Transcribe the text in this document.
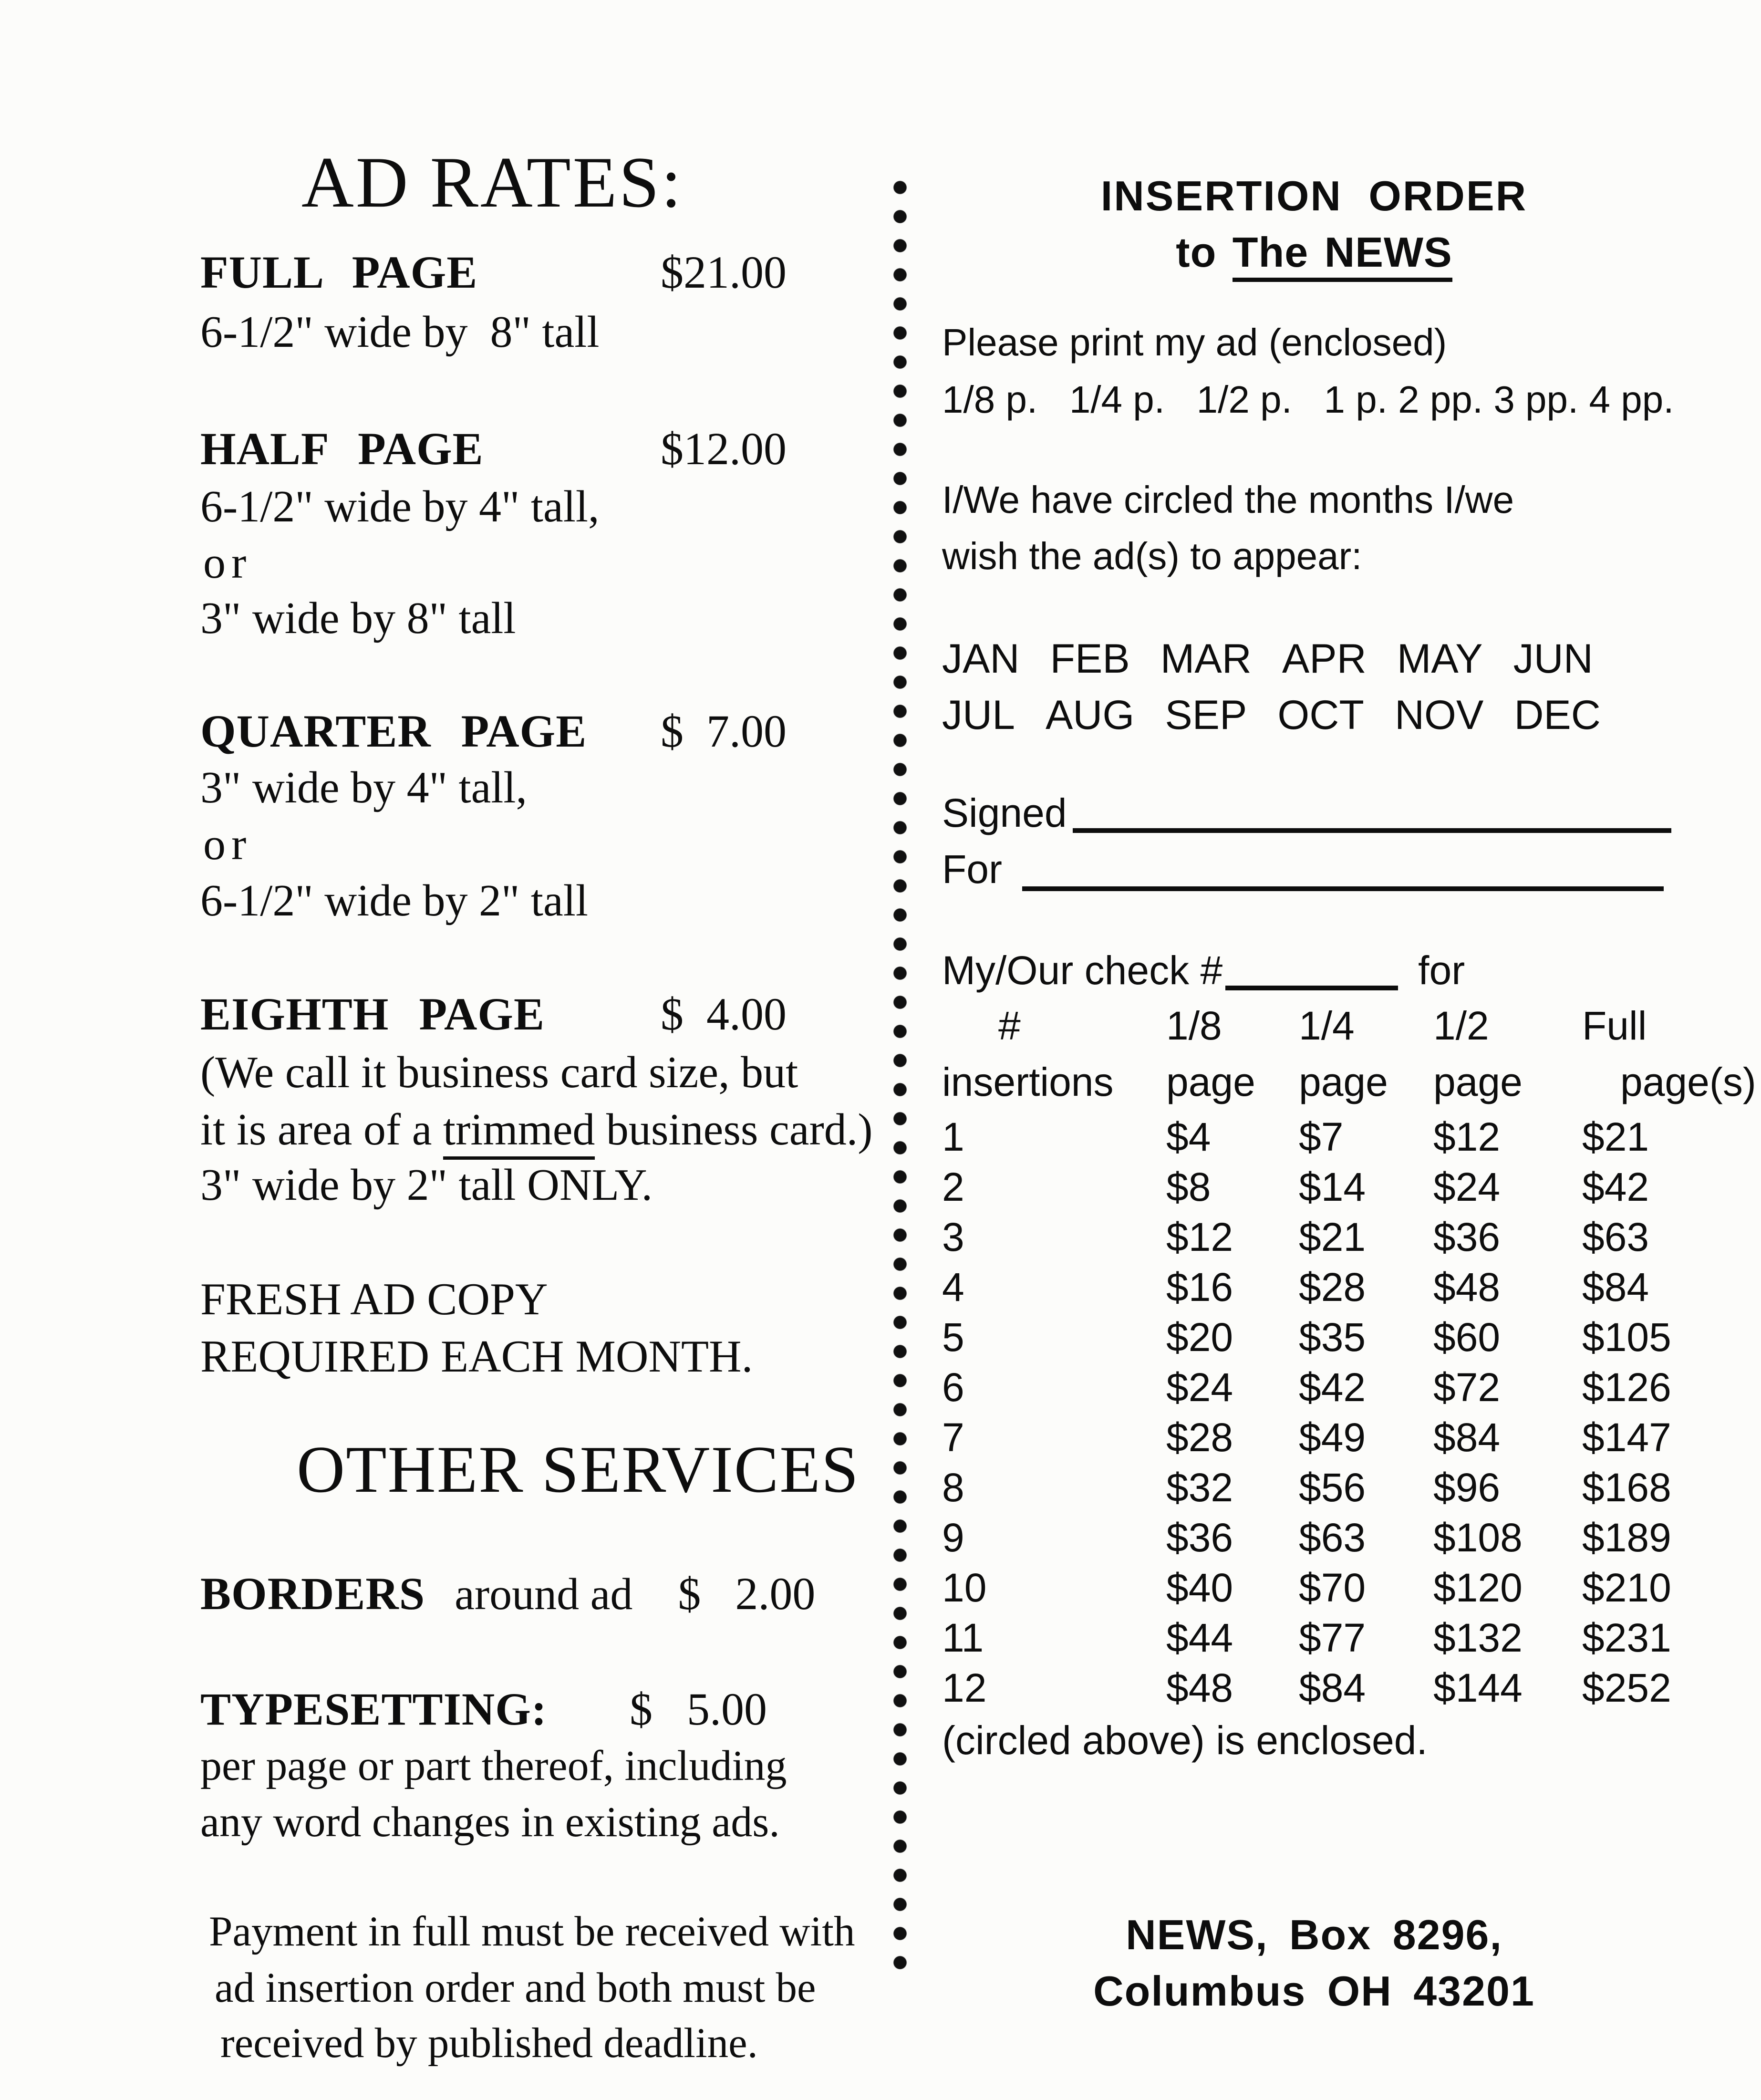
AD RATES:
FULL PAGE	$21.00
6-1/2" wide by  8" tall
HALF PAGE	$12.00
6-1/2" wide by 4" tall,
or
3" wide by 8" tall
QUARTER PAGE $  7.00
3" wide by 4" tall,
or
6-1/2" wide by 2" tall
EIGHTH PAGE	$  4.00
(We call it business card size, but
it is area of a trimmed business card.)
3" wide by 2" tall ONLY.
FRESH AD COPY
REQUIRED EACH MONTH.
OTHER SERVICES
BORDERS around ad $   2.00
TYPESETTING: $   5.00
per page or part thereof, including
any word changes in existing ads.
Payment in full must be received with
ad insertion order and both must be
received by published deadline.
INSERTION ORDER
to The NEWS
Please print my ad (enclosed)
1/8 p.   1/4 p.   1/2 p.   1 p. 2 pp. 3 pp. 4 pp.
I/We have circled the months I/we
wish the ad(s) to appear:
JAN FEB MAR APR MAY JUN
JUL AUG SEP OCT NOV DEC
Signed
For
My/Our check #	for
#	1/8	1/4	1/2	Full
insertions	page	page	page	page(s)
1	$4	$7	$12	$21
2	$8	$14	$24	$42
3	$12	$21	$36	$63
4	$16	$28	$48	$84
5	$20	$35	$60	$105
6	$24	$42	$72	$126
7	$28	$49	$84	$147
8	$32	$56	$96	$168
9	$36	$63	$108	$189
10	$40	$70	$120	$210
11	$44	$77	$132	$231
12	$48	$84	$144	$252
(circled above) is enclosed.
NEWS, Box 8296,
Columbus OH 43201
